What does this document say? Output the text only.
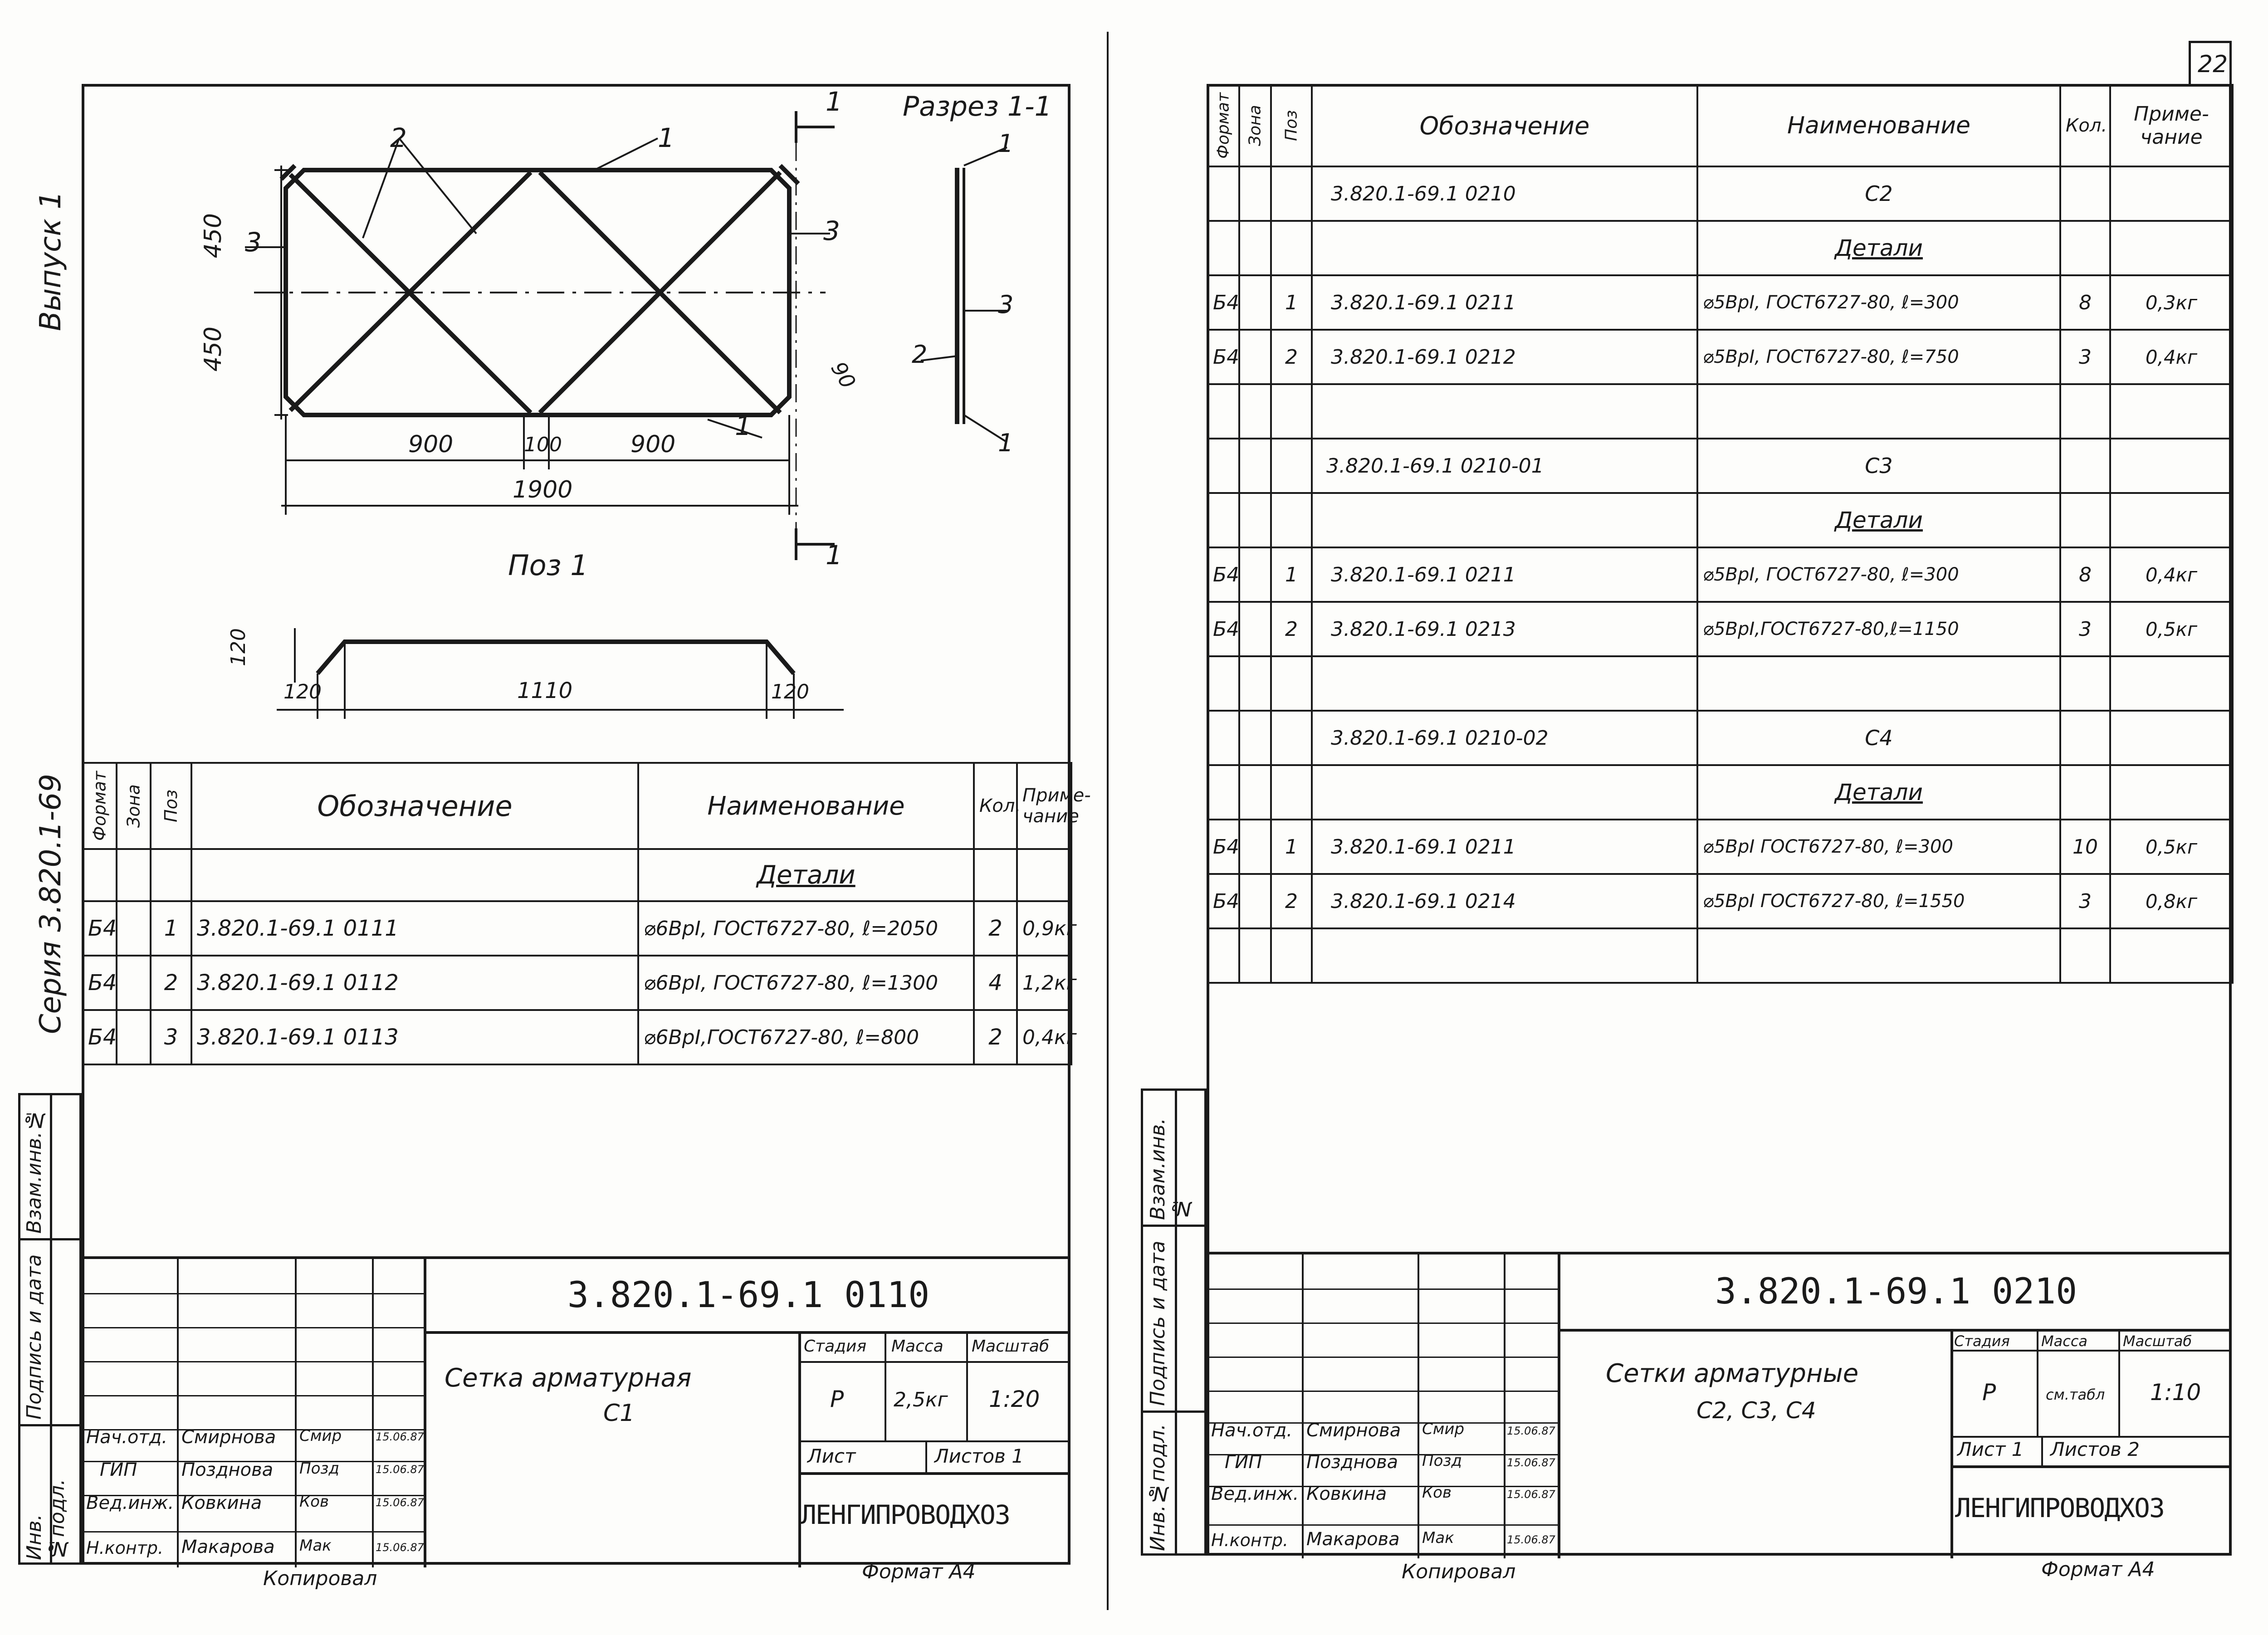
Выпуск 1
Серия 3.820.1-69
Взам.инв.№
Подпись и дата
Инв.№подл.
Разрез 1-1
1
2
3	3
1
1
1
1
3
2
1
450
450
900	100	900
1900
90
Поз 1
120
120	1110	120
Формат	Зона	Поз	Обозначение	Наименование	Кол.	Приме-чание
				Детали		
Б4		1	3.820.1-69.1 0111	⌀6ВрI, ГОСТ6727-80, ℓ=2050	2	0,9кг
Б4		2	3.820.1-69.1 0112	⌀6ВрI, ГОСТ6727-80, ℓ=1300	4	1,2кг
Б4		3	3.820.1-69.1 0113	⌀6ВрI,ГОСТ6727-80, ℓ=800	2	0,4кг
Нач.отд. Смирнова Смир	15.06.87
ГИП Позднова Позд	15.06.87
Вед.инж. Ковкина Ков	15.06.87
Н.контр. Макарова Мак	15.06.87
3.820.1-69.1 0110
Сетка арматурная
С1
Стадия Масса Масштаб
Р 2,5кг 1:20
Лист	Листов 1
ЛЕНГИПРОВОДХОЗ
Копировал	Формат А4
22
Взам.инв.№
Подпись и дата
Инв.№подл.
Формат	Зона	Поз	Обозначение	Наименование	Кол.	Приме-чание
			3.820.1-69.1 0210	С2		
				Детали		
Б4		1	3.820.1-69.1 0211	⌀5ВрI, ГОСТ6727-80, ℓ=300	8	0,3кг
Б4		2	3.820.1-69.1 0212	⌀5ВрI, ГОСТ6727-80, ℓ=750	3	0,4кг

			3.820.1-69.1 0210-01	С3		
				Детали		
Б4		1	3.820.1-69.1 0211	⌀5ВрI, ГОСТ6727-80, ℓ=300	8	0,4кг
Б4		2	3.820.1-69.1 0213	⌀5ВрI,ГОСТ6727-80,ℓ=1150	3	0,5кг

			3.820.1-69.1 0210-02	С4		
				Детали		
Б4		1	3.820.1-69.1 0211	⌀5ВрI ГОСТ6727-80, ℓ=300	10	0,5кг
Б4		2	3.820.1-69.1 0214	⌀5ВрI ГОСТ6727-80, ℓ=1550	3	0,8кг

Нач.отд. Смирнова Смир	15.06.87
ГИП Позднова Позд	15.06.87
Вед.инж. Ковкина Ков	15.06.87
Н.контр. Макарова Мак	15.06.87
3.820.1-69.1 0210
Сетки арматурные
С2, С3, С4
Стадия Масса Масштаб
Р	см.табл 1:10
Лист 1 Листов 2
ЛЕНГИПРОВОДХОЗ
Копировал	Формат А4
